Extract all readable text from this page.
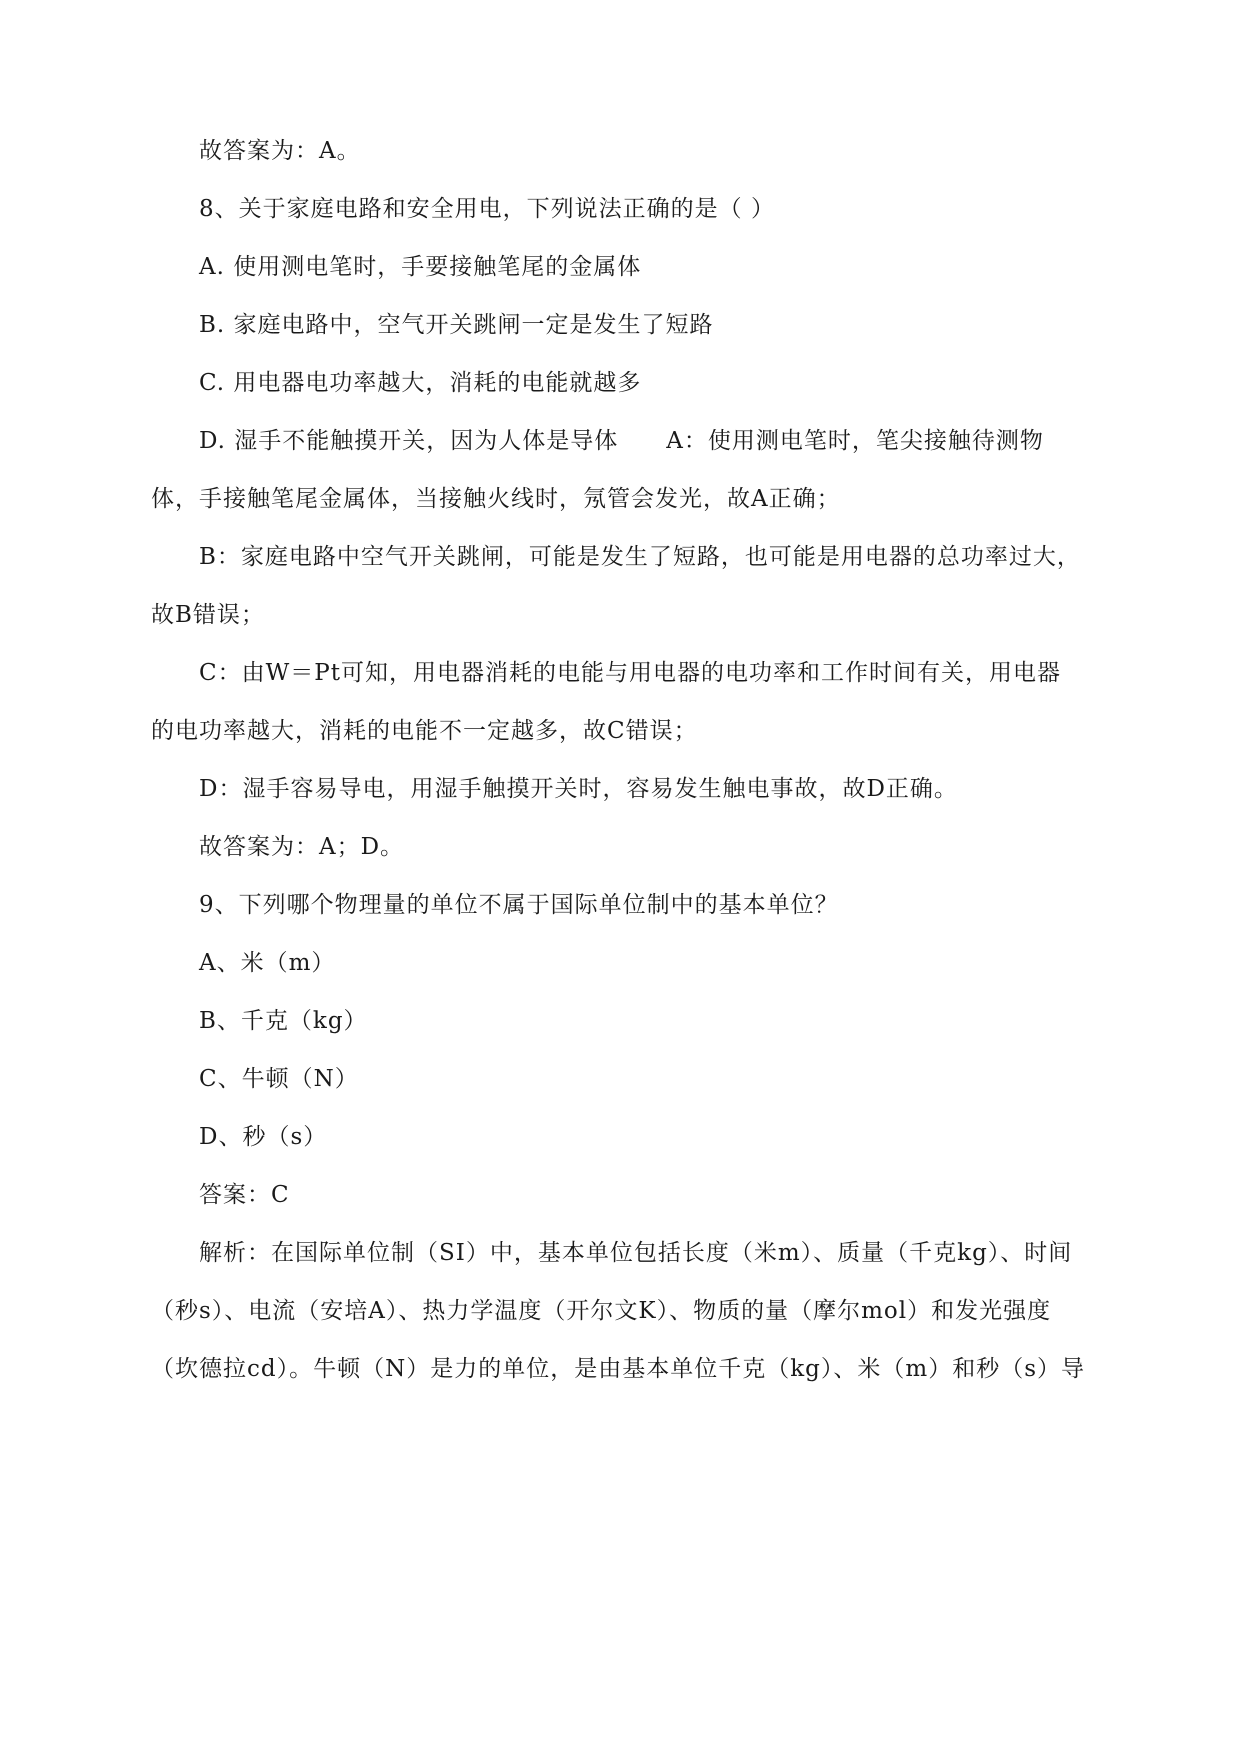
故答案为：A。
8、关于家庭电路和安全用电，下列说法正确的是（ ）
A. 使用测电笔时，手要接触笔尾的金属体
B. 家庭电路中，空气开关跳闸一定是发生了短路
C. 用电器电功率越大，消耗的电能就越多
D. 湿手不能触摸开关，因为人体是导体　　A：使用测电笔时，笔尖接触待测物
体，手接触笔尾金属体，当接触火线时，氖管会发光，故A正确；
B：家庭电路中空气开关跳闸，可能是发生了短路，也可能是用电器的总功率过大，
故B错误；
C：由W＝Pt可知，用电器消耗的电能与用电器的电功率和工作时间有关，用电器
的电功率越大，消耗的电能不一定越多，故C错误；
D：湿手容易导电，用湿手触摸开关时，容易发生触电事故，故D正确。
故答案为：A；D。
9、下列哪个物理量的单位不属于国际单位制中的基本单位？
A、米（m）
B、千克（kg）
C、牛顿（N）
D、秒（s）
答案：C
解析：在国际单位制（SI）中，基本单位包括长度（米m）、质量（千克kg）、时间
（秒s）、电流（安培A）、热力学温度（开尔文K）、物质的量（摩尔mol）和发光强度
（坎德拉cd）。牛顿（N）是力的单位，是由基本单位千克（kg）、米（m）和秒（s）导
